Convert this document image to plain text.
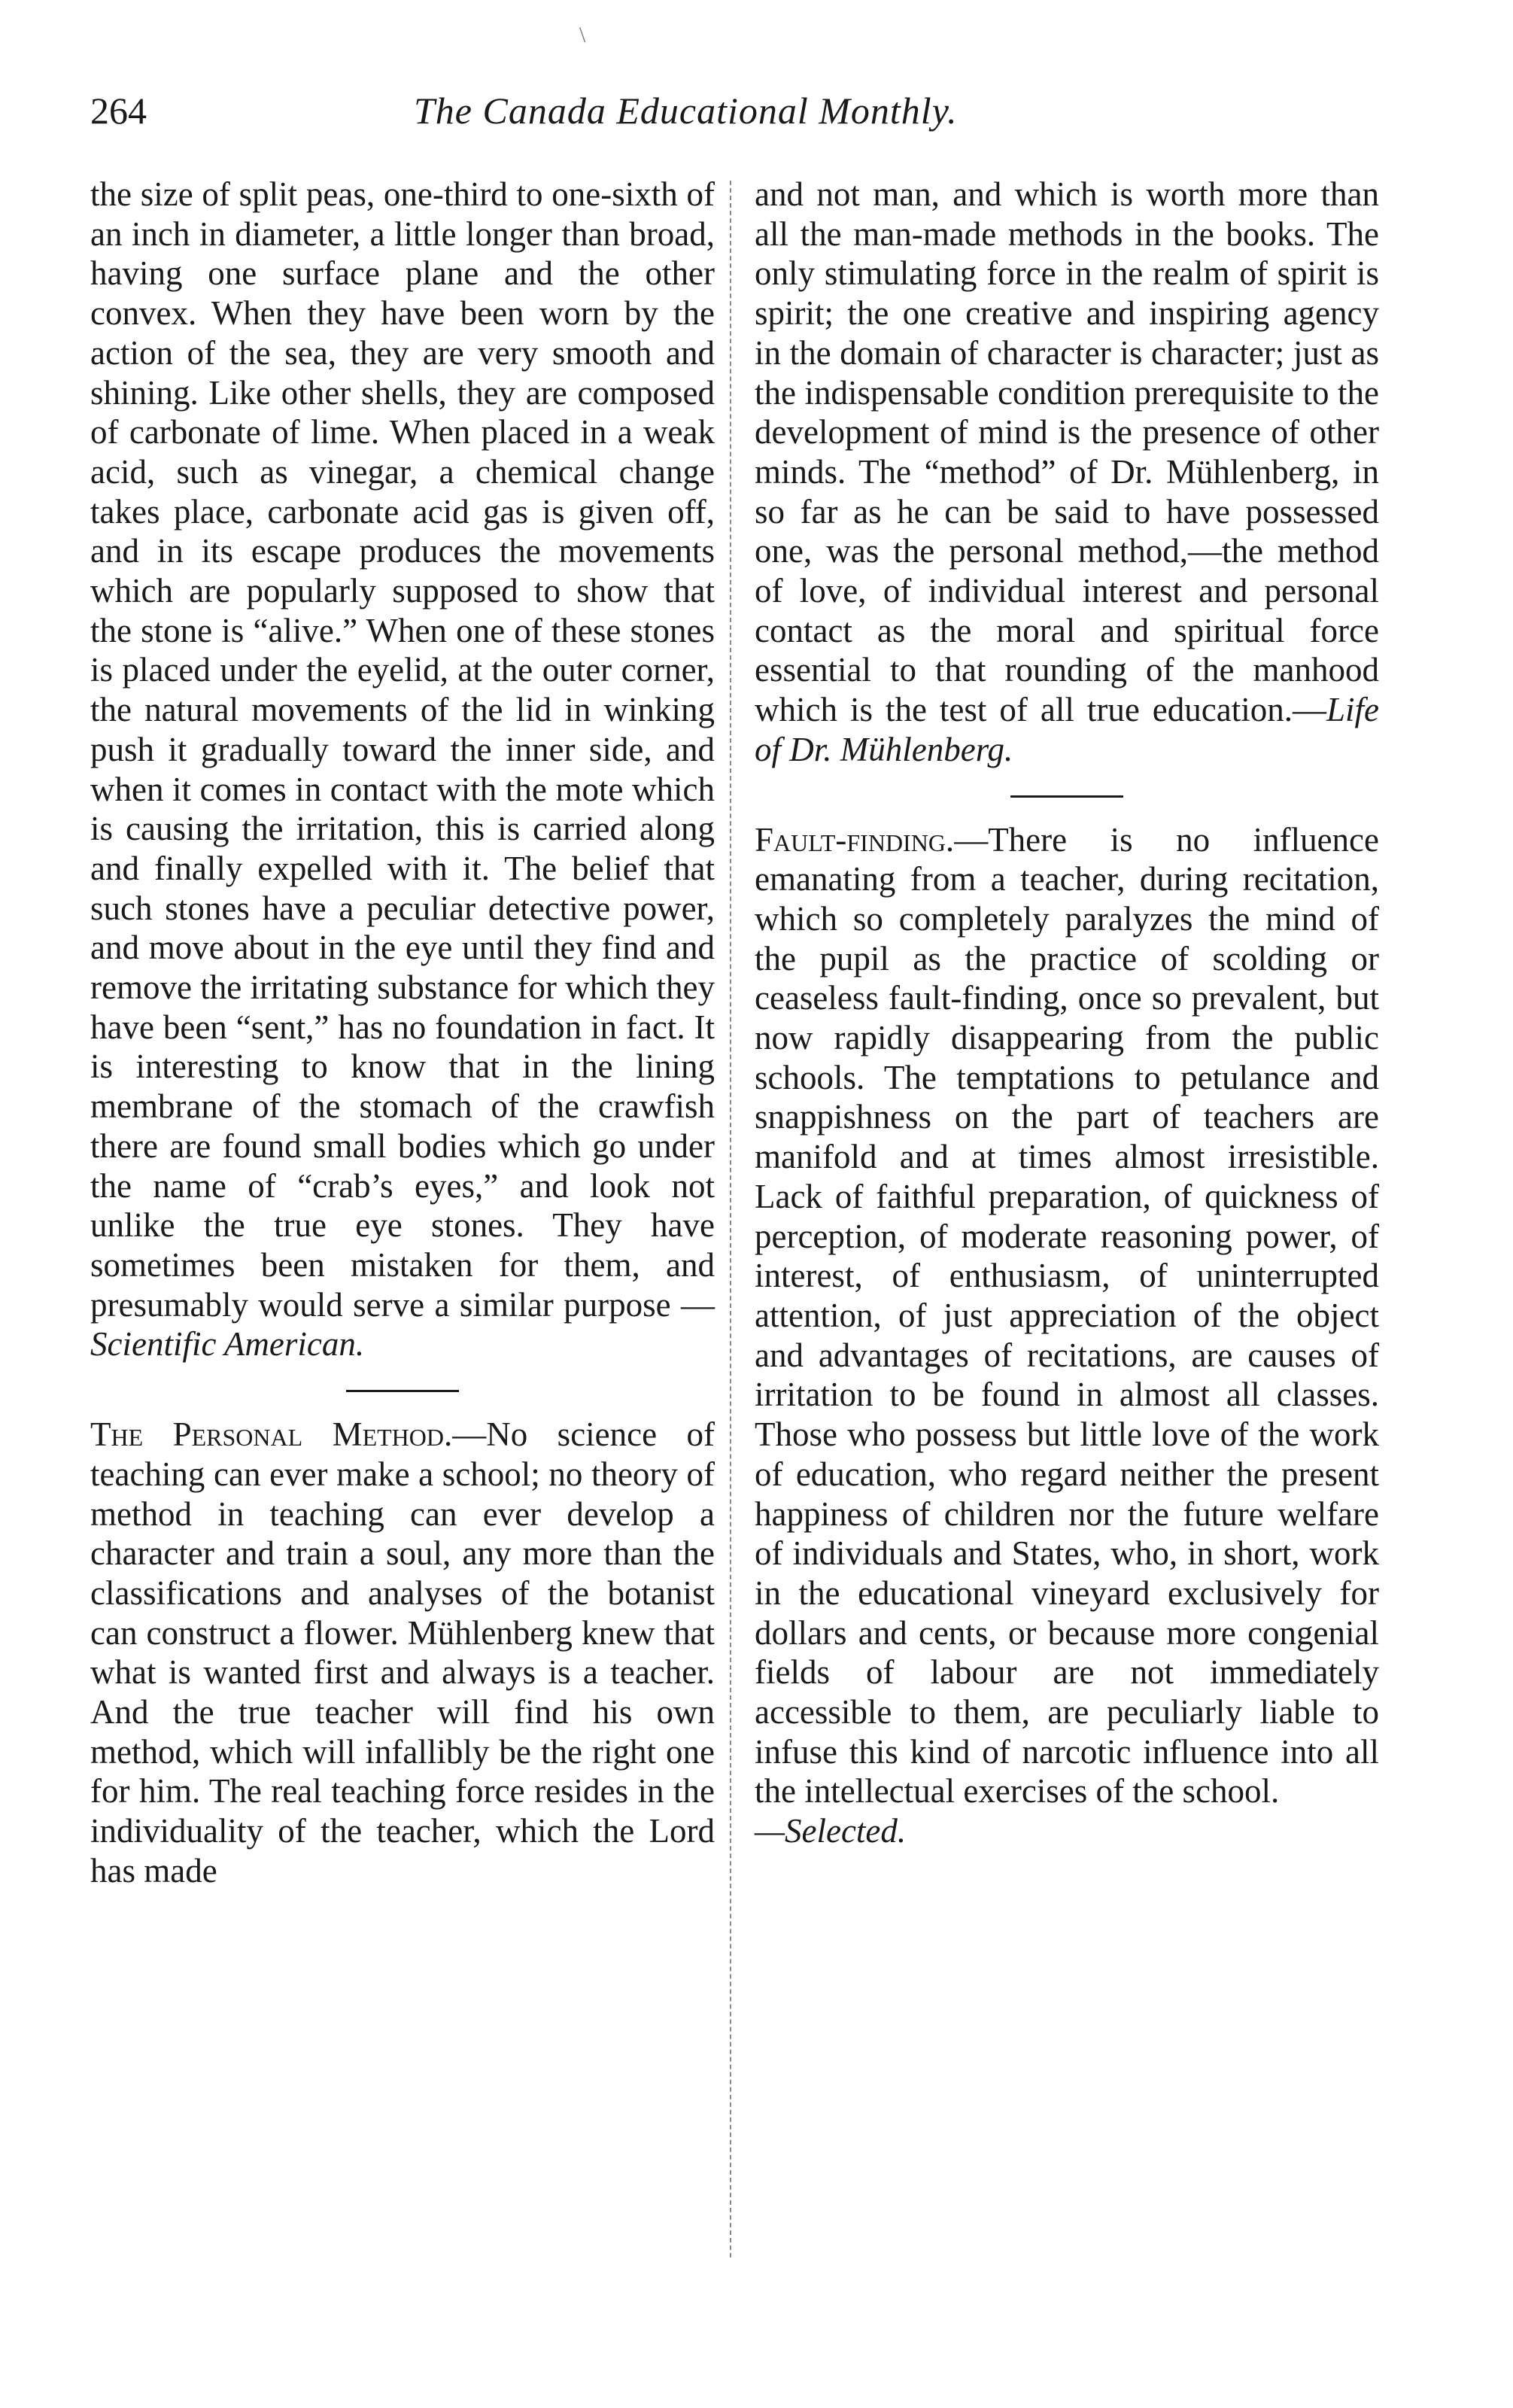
\
264	The Canada Educational Monthly.

the size of split peas, one-third to one-sixth of an inch in diameter, a little longer than broad, having one surface plane and the other convex. When they have been worn by the action of the sea, they are very smooth and shining. Like other shells, they are composed of carbonate of lime. When placed in a weak acid, such as vinegar, a chemical change takes place, carbonate acid gas is given off, and in its escape produces the movements which are popularly supposed to show that the stone is “alive.” When one of these stones is placed under the eyelid, at the outer corner, the natural movements of the lid in winking push it gradually toward the inner side, and when it comes in contact with the mote which is causing the irritation, this is carried along and finally expelled with it. The belief that such stones have a peculiar detective power, and move about in the eye until they find and remove the irritating substance for which they have been “sent,” has no foundation in fact. It is interesting to know that in the lining membrane of the stomach of the crawfish there are found small bodies which go under the name of “crab’s eyes,” and look not unlike the true eye stones. They have sometimes been mistaken for them, and presumably would serve a similar purpose —Scientific American.

The Personal Method.—No science of teaching can ever make a school; no theory of method in teaching can ever develop a character and train a soul, any more than the classifications and analyses of the botanist can construct a flower. Mühlenberg knew that what is wanted first and always is a teacher. And the true teacher will find his own method, which will infallibly be the right one for him. The real teaching force resides in the individuality of the teacher, which the Lord has made

and not man, and which is worth more than all the man-made methods in the books. The only stimulating force in the realm of spirit is spirit; the one creative and inspiring agency in the domain of character is character; just as the indispensable condition prerequisite to the development of mind is the presence of other minds. The “method” of Dr. Mühlenberg, in so far as he can be said to have possessed one, was the personal method,—the method of love, of individual interest and personal contact as the moral and spiritual force essential to that rounding of the manhood which is the test of all true education.—Life of Dr. Mühlenberg.

Fault-finding.—There is no influence emanating from a teacher, during recitation, which so completely paralyzes the mind of the pupil as the practice of scolding or ceaseless fault-finding, once so prevalent, but now rapidly disappearing from the public schools. The temptations to petulance and snappishness on the part of teachers are manifold and at times almost irresistible. Lack of faithful preparation, of quickness of perception, of moderate reasoning power, of interest, of enthusiasm, of uninterrupted attention, of just appreciation of the object and advantages of recitations, are causes of irritation to be found in almost all classes. Those who possess but little love of the work of education, who regard neither the present happiness of children nor the future welfare of individuals and States, who, in short, work in the educational vineyard exclusively for dollars and cents, or because more congenial fields of labour are not immediately accessible to them, are peculiarly liable to infuse this kind of narcotic influence into all the intellectual exercises of the school.

—Selected.
